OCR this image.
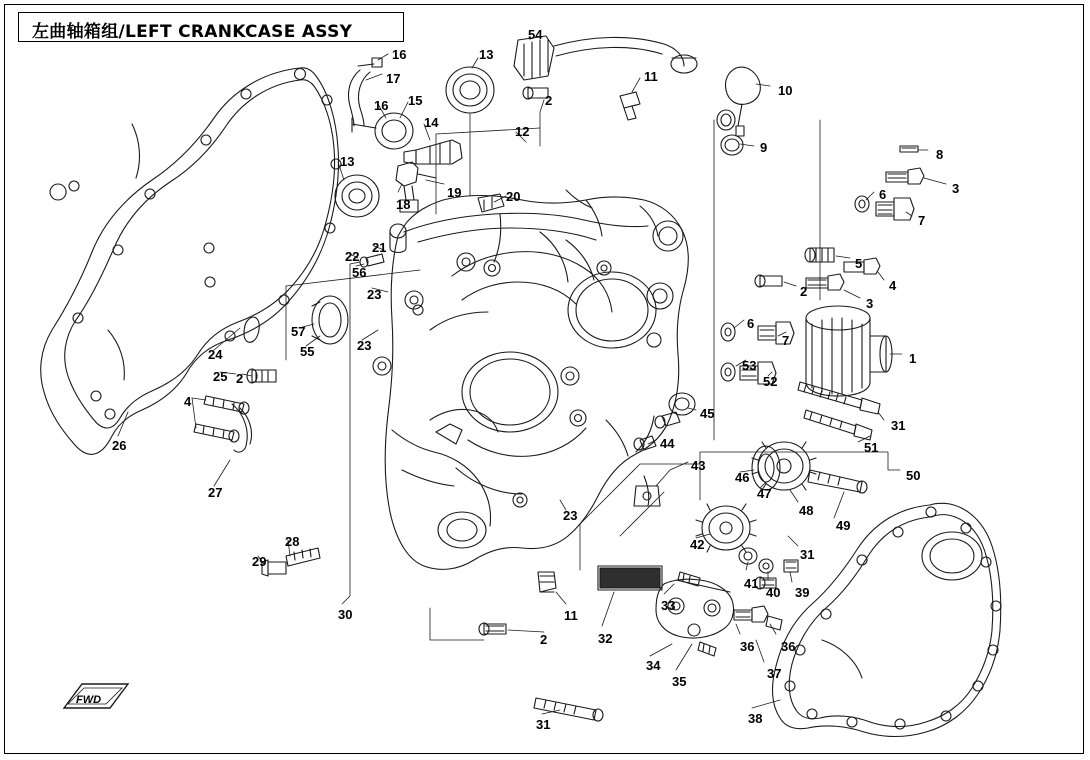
左曲轴箱组/LEFT CRANKCASE ASSY
FWD
16
17
13
54
11
10
2
16 15
14
12
9	8
3
6
13
7
18
19	20
5
4
21
22
56
2
3
23
6
7
57
55	23
53
52
1
24
25 2
31
45
51
4
26	44
43
50
46
47
48
49
27
23
42
31
28
29
41
40 39
33
30	11
32
2	36 36
34
35
37
38
31
